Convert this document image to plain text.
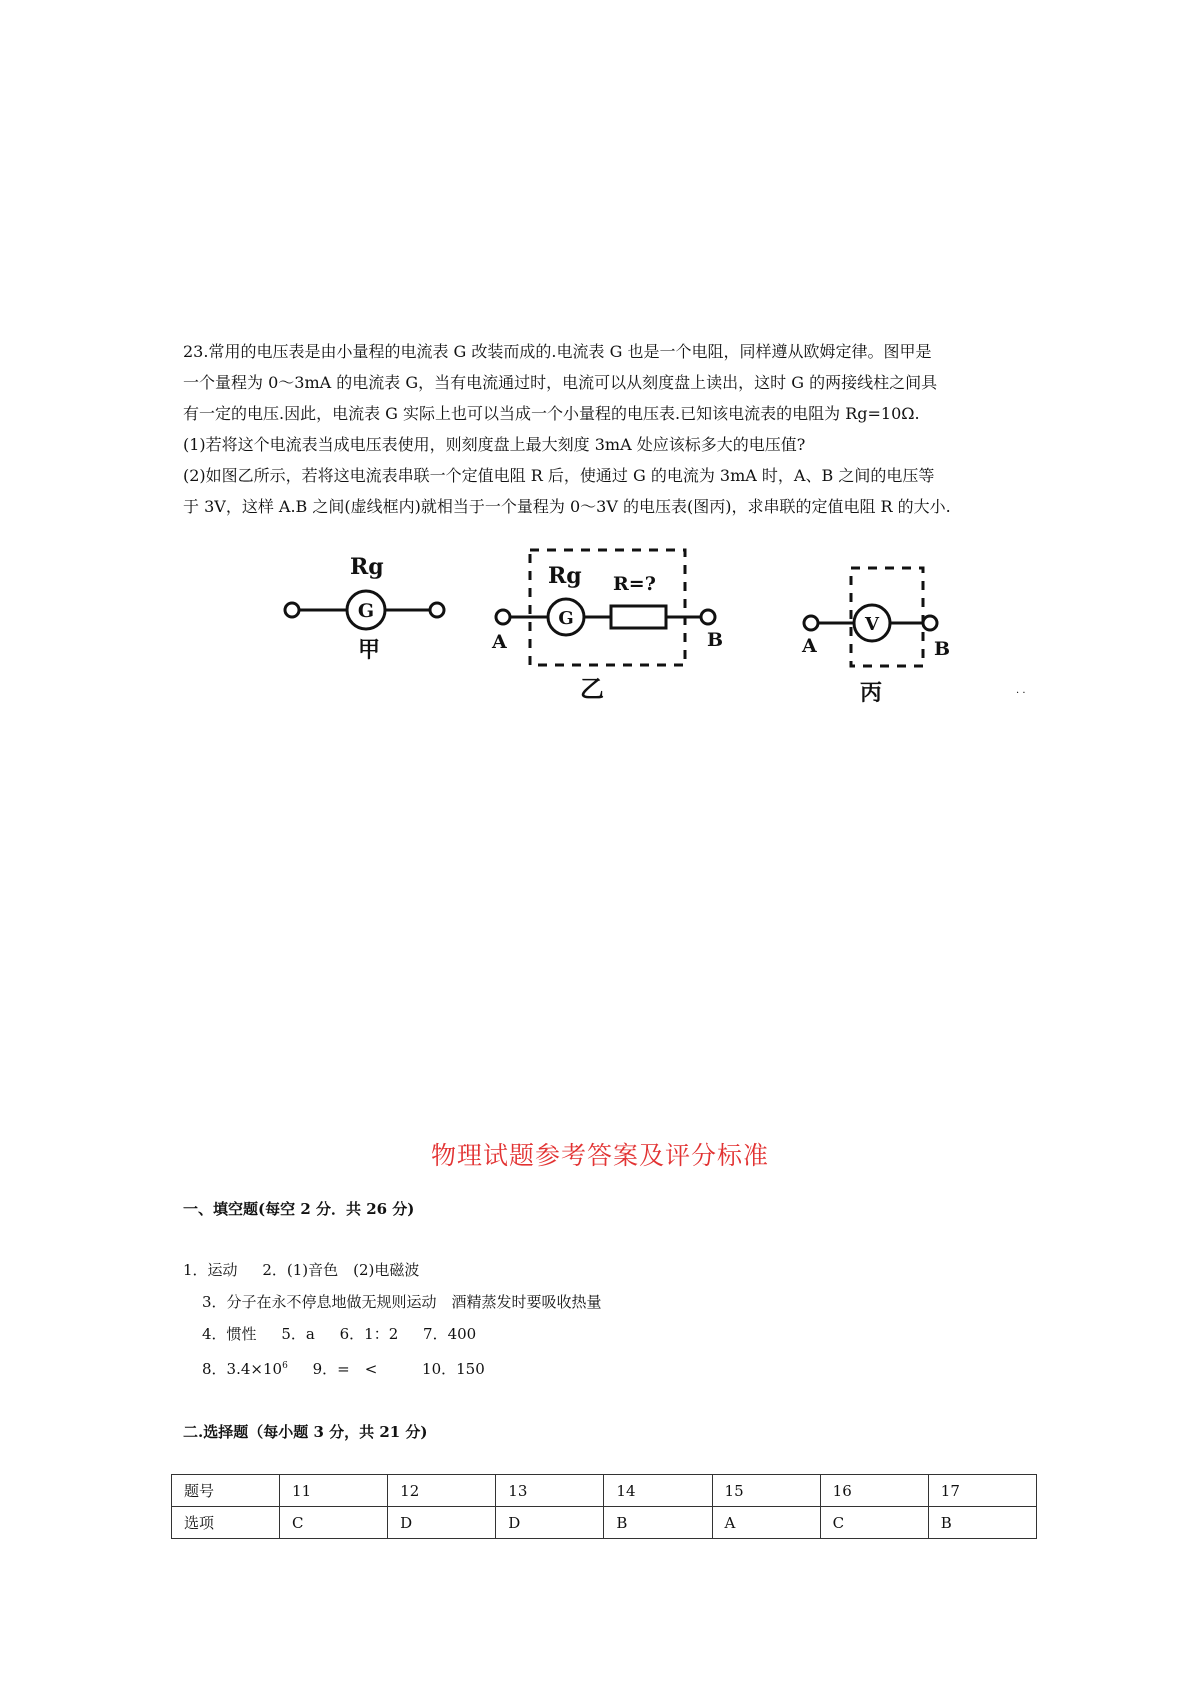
23.常用的电压表是由小量程的电流表 G 改装而成的.电流表 G 也是一个电阻，同样遵从欧姆定律。图甲是

一个量程为 0～3mA 的电流表 G，当有电流通过时，电流可以从刻度盘上读出，这时 G 的两接线柱之间具

有一定的电压.因此，电流表 G 实际上也可以当成一个小量程的电压表.已知该电流表的电阻为 Rg=10Ω.

(1)若将这个电流表当成电压表使用，则刻度盘上最大刻度 3mA 处应该标多大的电压值?

(2)如图乙所示，若将这电流表串联一个定值电阻 R 后，使通过 G 的电流为 3mA 时，A、B 之间的电压等

于 3V，这样 A.B 之间(虚线框内)就相当于一个量程为 0～3V 的电压表(图丙)，求串联的定值电阻 R 的大小.

Rg
G
甲
Rg
G
R=?
A	B
乙
V
A	B
丙	· ·
物理试题参考答案及评分标准
一、填空题(每空 2 分．共 26 分)
1．运动 2．(1)音色　(2)电磁波
3．分子在永不停息地做无规则运动　酒精蒸发时要吸收热量
4．惯性 5．a 6．1：2 7．400
8．$3.4\times 10^6$ 9．=　<	10．150
二.选择题（每小题 3 分，共 21 分)
题号	11	12	13	14	15	16	17
选项	C	D	D	B	A	C	B
